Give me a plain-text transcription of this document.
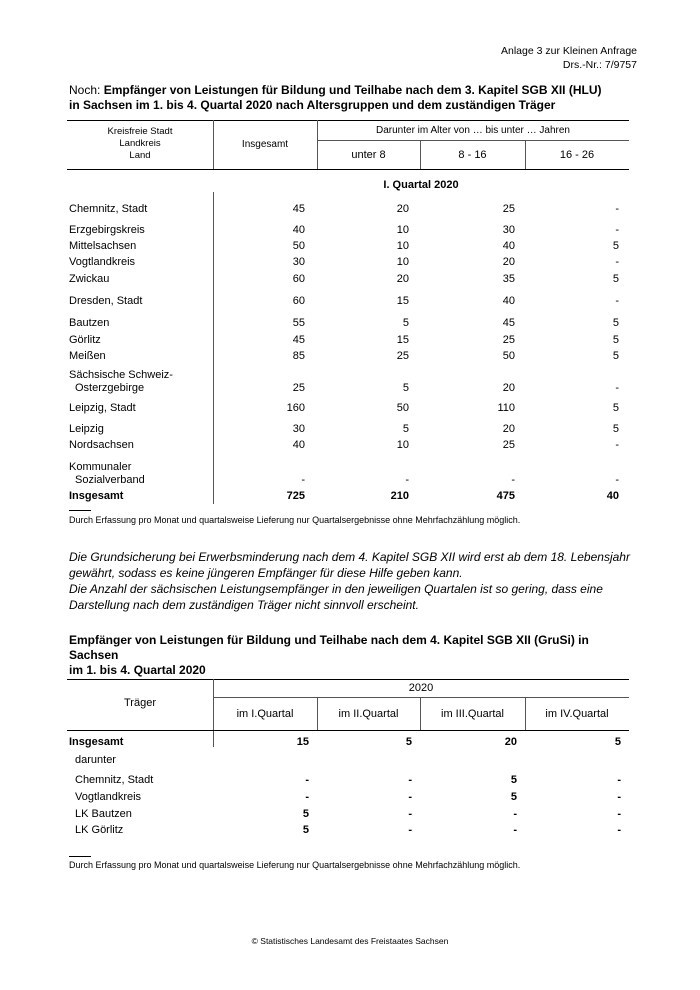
Anlage 3 zur Kleinen Anfrage
Drs.-Nr.: 7/9757
Noch: Empfänger von Leistungen für Bildung und Teilhabe nach dem 3. Kapitel SGB XII (HLU)
in Sachsen im 1. bis 4. Quartal 2020 nach Altersgruppen und dem zuständigen Träger
Kreisfreie Stadt
Landkreis
Land
Insgesamt
Darunter im Alter von … bis unter … Jahren
unter 8	8 - 16	16 - 26
I. Quartal 2020
Chemnitz, Stadt	45	20	25	-
Erzgebirgskreis	40	10	30	-
Mittelsachsen	50	10	40	5
Vogtlandkreis	30	10	20	-
Zwickau	60	20	35	5
Dresden, Stadt	60	15	40	-
Bautzen	55	5	45	5
Görlitz	45	15	25	5
Meißen	85	25	50	5
Sächsische Schweiz-
Osterzgebirge	25	5	20	-
Leipzig, Stadt	160	50	110	5
Leipzig	30	5	20	5
Nordsachsen	40	10	25	-
Kommunaler
Sozialverband	-	-	-	-
Insgesamt	725	210	475	40
Durch Erfassung pro Monat und quartalsweise Lieferung nur Quartalsergebnisse ohne Mehrfachzählung möglich.
Die Grundsicherung bei Erwerbsminderung nach dem 4. Kapitel SGB XII wird erst ab dem 18. Lebensjahr
gewährt, sodass es keine jüngeren Empfänger für diese Hilfe geben kann.
Die Anzahl der sächsischen Leistungsempfänger in den jeweiligen Quartalen ist so gering, dass eine
Darstellung nach dem zuständigen Träger nicht sinnvoll erscheint.
Empfänger von Leistungen für Bildung und Teilhabe nach dem 4. Kapitel SGB XII (GruSi) in Sachsen
im 1. bis 4. Quartal 2020
Träger
2020
im I.Quartal	im II.Quartal	im III.Quartal	im IV.Quartal
Insgesamt	15	5	20	5
darunter
Chemnitz, Stadt	-	-	5	-
Vogtlandkreis	-	-	5	-
LK Bautzen	5	-	-	-
LK Görlitz	5	-	-	-
Durch Erfassung pro Monat und quartalsweise Lieferung nur Quartalsergebnisse ohne Mehrfachzählung möglich.
© Statistisches Landesamt des Freistaates Sachsen
